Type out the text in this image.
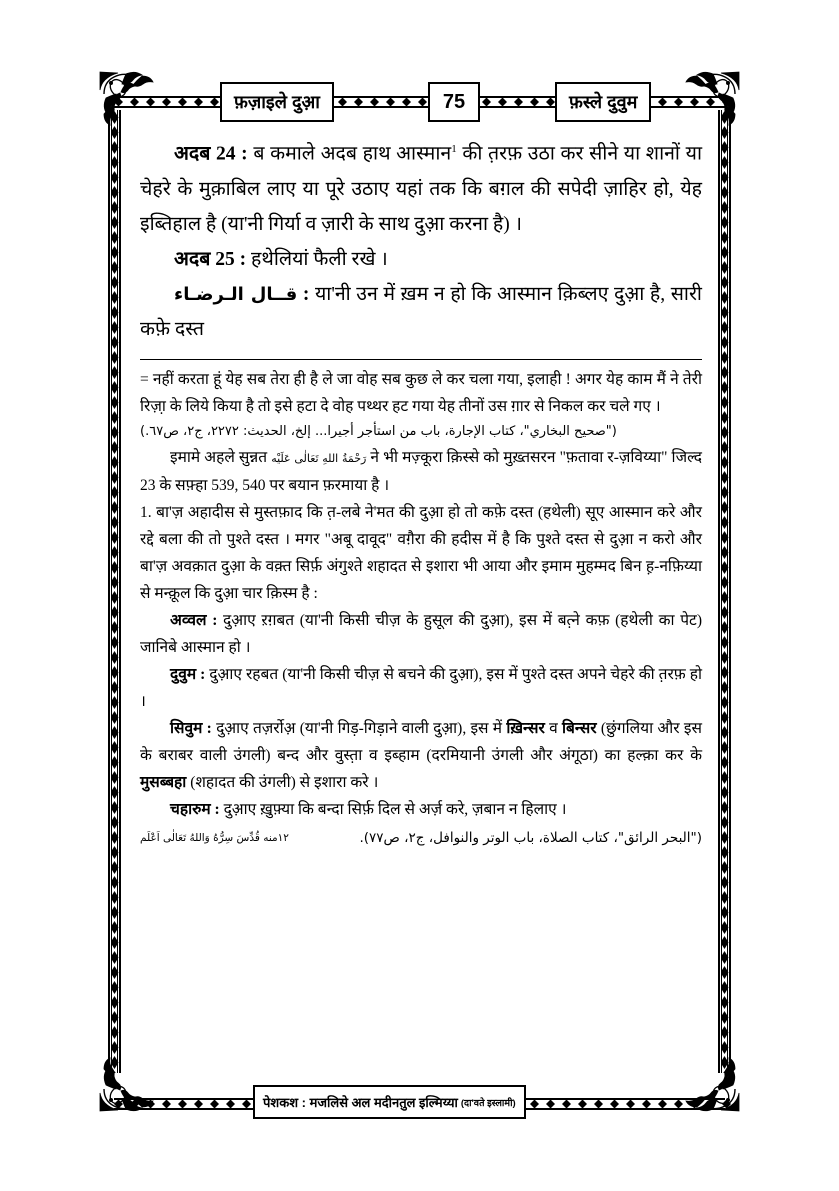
फ़ज़ाइले दुआ़	75	फ़स्ले दुवुम

अदब 24 : ब कमाले अदब हाथ आस्मान$^1$ की त़रफ़ उठा कर सीने या शानों या चेहरे के मुक़ाबिल लाए या पूरे उठाए यहां तक कि बग़ल की सपेदी ज़ाहिर हो, येह इब्तिहाल है (या'नी गिर्या व ज़ारी के साथ दुआ़ करना है) ।

अदब 25 : हथेलियां फैली रखे ।

قــال الـرضـاء : या'नी उन में ख़म न हो कि आस्मान क़िब्लए दुआ़ है, सारी कफ़े दस्त

= नहीं करता हूं येह सब तेरा ही है ले जा वोह सब कुछ ले कर चला गया, इलाही ! अगर येह काम मैं ने तेरी रिज़ा़ के लिये किया है तो इसे हटा दे वोह पथ्थर हट गया येह तीनों उस ग़ार से निकल कर चले गए ।

("صحيح البخاري"، كتاب الإجارة، باب من استأجر أجيرا... إلخ، الحديث: ٢٢٧٢، ج٢، ص٦٧.)

इमामे अहले सुन्नत رَحْمَةُ اللهِ تَعَالٰى عَلَيْه ने भी मज़्कूरा क़िस्से को मुख़्तसरन "फ़तावा र-ज़विय्या" जिल्द 23 के सफ़्हा 539, 540 पर बयान फ़रमाया है ।

1. बा'ज़ अहादीस से मुस्तफ़ाद कि त़-लबे ने'मत की दुआ़ हो तो कफ़े दस्त (हथेली) सूए आस्मान करे और रद्दे बला की तो पुश्ते दस्त । मगर "अबू दावूद" वग़ैरा की हदीस में है कि पुश्ते दस्त से दुआ़ न करो और बा'ज़ अवक़ात दुआ़ के वक़्त सिर्फ़ अंगुश्ते शहादत से इशारा भी आया और इमाम मुहम्मद बिन ह़-नफ़िय्या से मन्क़ूल कि दुआ़ चार क़िस्म है :

अव्वल : दुआ़ए ऱग़बत (या'नी किसी चीज़ के हुसूल की दुआ़), इस में बत़्ने कफ़ (हथेली का पेट) जानिबे आस्मान हो ।

दुवुम : दुआ़ए रहबत (या'नी किसी चीज़ से बचने की दुआ़), इस में पुश्ते दस्त अपने चेहरे की त़रफ़ हो ।

सिवुम : दुआ़ए तज़र्रोअ़ (या'नी गिड़-गिड़ाने वाली दुआ़), इस में ख़िन्सर व बिन्सर (छुंगलिया और इस के बराबर वाली उंगली) बन्द और वुस्त़ा व इब्हाम (दरमियानी उंगली और अंगूठा) का हल्क़ा कर के मुसब्बहा (शहादत की उंगली) से इशारा करे ।

चहारुम : दुआ़ए ख़ुफ़्या कि बन्दा सिर्फ़ दिल से अर्ज़ करे, ज़बान न हिलाए ।

١٢منه قُدِّسَ سِرُّهُ وَاللهُ تَعَالٰى اَعْلَم	("البحر الرائق"، كتاب الصلاة، باب الوتر والنوافل، ج٢، ص٧٧).
पेशकश : मजलिसे अल मदीनतुल इल्मिय्या (दा'वते इस्लामी)
